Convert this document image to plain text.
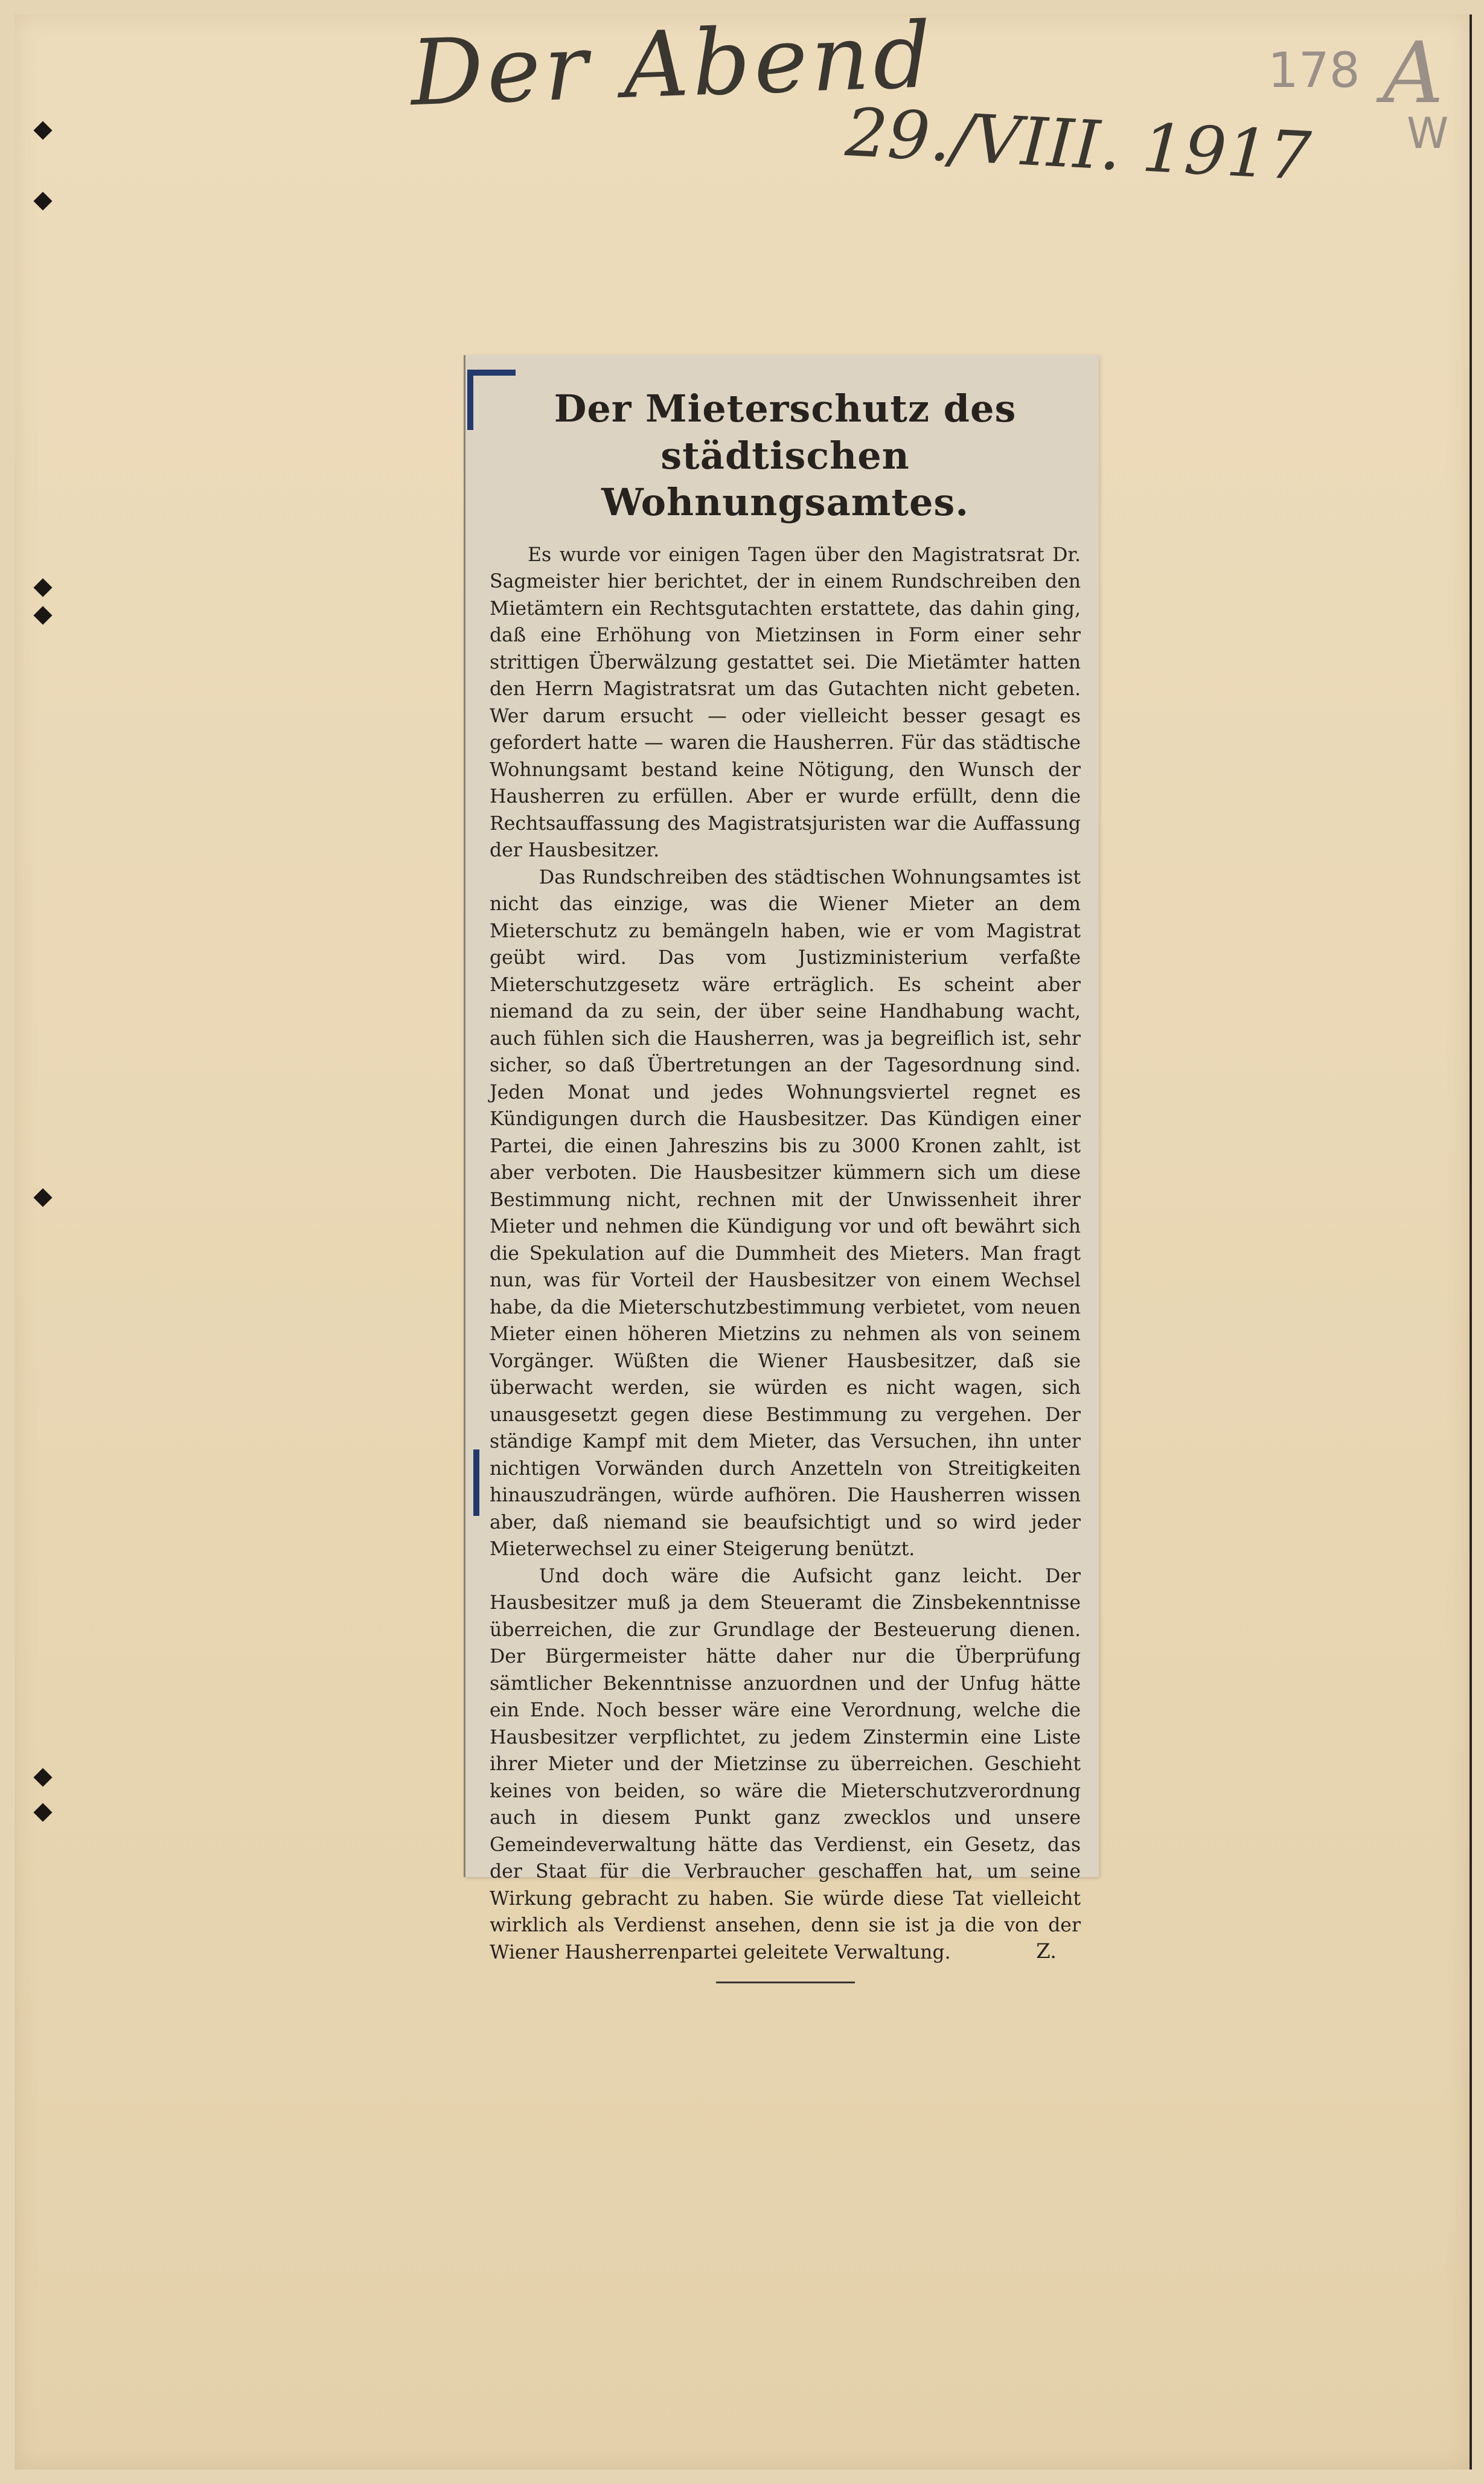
Der Abend
29./VIII. 1917
178 A
W
Der Mieterschutz des städtischen Wohnungsamtes.

Es wurde vor einigen Tagen über den Magistratsrat Dr. Sagmeister hier berichtet, der in einem Rundschreiben den Mietämtern ein Rechtsgutachten erstattete, das dahin ging, daß eine Erhöhung von Mietzinsen in Form einer sehr strittigen Überwälzung gestattet sei. Die Mietämter hatten den Herrn Magistratsrat um das Gutachten nicht gebeten. Wer darum ersucht — oder vielleicht besser gesagt es gefordert hatte — waren die Hausherren. Für das städtische Wohnungsamt bestand keine Nötigung, den Wunsch der Hausherren zu erfüllen. Aber er wurde erfüllt, denn die Rechtsauffassung des Magistratsjuristen war die Auffassung der Hausbesitzer.

Das Rundschreiben des städtischen Wohnungsamtes ist nicht das einzige, was die Wiener Mieter an dem Mieterschutz zu bemängeln haben, wie er vom Magistrat geübt wird. Das vom Justizministerium verfaßte Mieterschutzgesetz wäre erträglich. Es scheint aber niemand da zu sein, der über seine Handhabung wacht, auch fühlen sich die Hausherren, was ja begreiflich ist, sehr sicher, so daß Übertretungen an der Tagesordnung sind. Jeden Monat und jedes Wohnungsviertel regnet es Kündigungen durch die Hausbesitzer. Das Kündigen einer Partei, die einen Jahreszins bis zu 3000 Kronen zahlt, ist aber verboten. Die Hausbesitzer kümmern sich um diese Bestimmung nicht, rechnen mit der Unwissenheit ihrer Mieter und nehmen die Kündigung vor und oft bewährt sich die Spekulation auf die Dummheit des Mieters. Man fragt nun, was für Vorteil der Hausbesitzer von einem Wechsel habe, da die Mieterschutzbestimmung verbietet, vom neuen Mieter einen höheren Mietzins zu nehmen als von seinem Vorgänger. Wüßten die Wiener Hausbesitzer, daß sie überwacht werden, sie würden es nicht wagen, sich unausgesetzt gegen diese Bestimmung zu vergehen. Der ständige Kampf mit dem Mieter, das Versuchen, ihn unter nichtigen Vorwänden durch Anzetteln von Streitigkeiten hinauszudrängen, würde aufhören. Die Hausherren wissen aber, daß niemand sie beaufsichtigt und so wird jeder Mieterwechsel zu einer Steigerung benützt.

Und doch wäre die Aufsicht ganz leicht. Der Hausbesitzer muß ja dem Steueramt die Zinsbekenntnisse überreichen, die zur Grundlage der Besteuerung dienen. Der Bürgermeister hätte daher nur die Überprüfung sämtlicher Bekenntnisse anzuordnen und der Unfug hätte ein Ende. Noch besser wäre eine Verordnung, welche die Hausbesitzer verpflichtet, zu jedem Zinstermin eine Liste ihrer Mieter und der Mietzinse zu überreichen. Geschieht keines von beiden, so wäre die Mieterschutzverordnung auch in diesem Punkt ganz zwecklos und unsere Gemeindeverwaltung hätte das Verdienst, ein Gesetz, das der Staat für die Verbraucher geschaffen hat, um seine Wirkung gebracht zu haben. Sie würde diese Tat vielleicht wirklich als Verdienst ansehen, denn sie ist ja die von der Wiener Hausherrenpartei geleitete Verwaltung.	Z.
